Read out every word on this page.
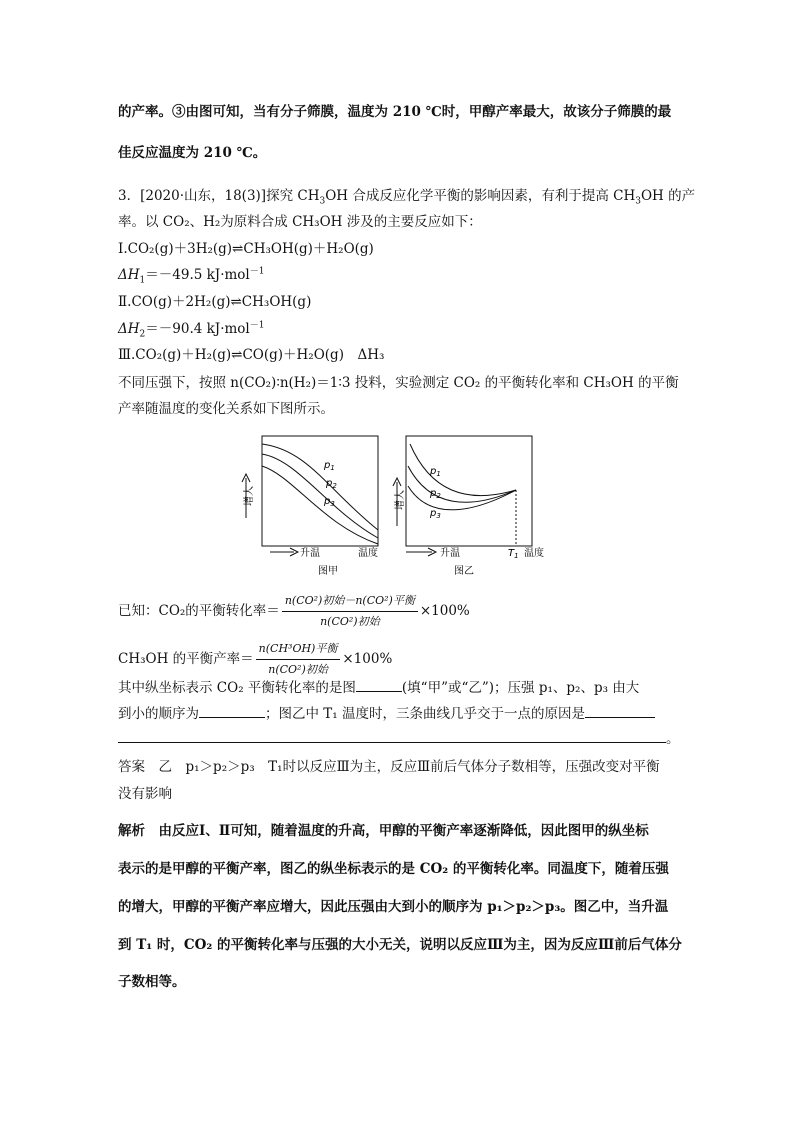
的产率。③由图可知，当有分子筛膜，温度为 210 ℃时，甲醇产率最大，故该分子筛膜的最
佳反应温度为 210 ℃。
3．[2020·山东，18(3)]探究 $CH_3OH$ 合成反应化学平衡的影响因素，有利于提高 $CH_3OH$ 的产
率。以 CO₂、H₂为原料合成 CH₃OH 涉及的主要反应如下：
Ⅰ.CO₂(g)＋3H₂(g)⇌CH₃OH(g)＋H₂O(g)
$\Delta H_1=-49.5$ kJ·mol$^{-1}$
Ⅱ.CO(g)＋2H₂(g)⇌CH₃OH(g)
$\Delta H_2=-90.4$ kJ·mol$^{-1}$
Ⅲ.CO₂(g)＋H₂(g)⇌CO(g)＋H₂O(g)　ΔH₃
不同压强下，按照 n(CO₂)∶n(H₂)＝1∶3 投料，实验测定 CO₂ 的平衡转化率和 CH₃OH 的平衡
产率随温度的变化关系如下图所示。
$p_1$
$p_2$
$p_3$
增大
升温	温度
图甲
$p_1$
$p_2$
$p_3$
增大
升温	$T_1$ 温度
图乙
已知：CO₂的平衡转化率＝ $\frac{\text{n(CO²)初始－n(CO²)平衡}}{\text{n(CO²)初始}} \times 100\%$
CH₃OH 的平衡产率＝ $\frac{\text{n(CH³OH)平衡}}{\text{n(CO²)初始}} \times 100\%$
其中纵坐标表示 CO₂ 平衡转化率的是图	(填“甲”或“乙”)；压强 p₁、p₂、p₃ 由大
到小的顺序为	；图乙中 T₁ 温度时，三条曲线几乎交于一点的原因是
。
答案　乙　p₁＞p₂＞p₃　T₁时以反应Ⅲ为主，反应Ⅲ前后气体分子数相等，压强改变对平衡
没有影响
解析　由反应Ⅰ、Ⅱ可知，随着温度的升高，甲醇的平衡产率逐渐降低，因此图甲的纵坐标
表示的是甲醇的平衡产率，图乙的纵坐标表示的是 CO₂ 的平衡转化率。同温度下，随着压强
的增大，甲醇的平衡产率应增大，因此压强由大到小的顺序为 p₁＞p₂＞p₃。图乙中，当升温
到 T₁ 时，CO₂ 的平衡转化率与压强的大小无关，说明以反应Ⅲ为主，因为反应Ⅲ前后气体分
子数相等。
